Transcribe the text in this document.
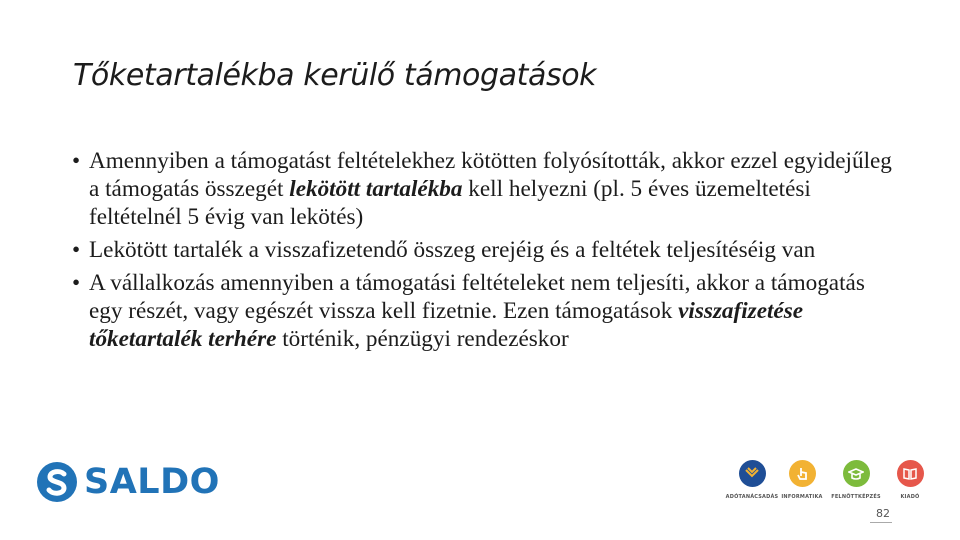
Tőketartalékba kerülő támogatások
• Amennyiben a támogatást feltételekhez kötötten folyósították, akkor ezzel egyidejűleg a támogatás összegét lekötött tartalékba kell helyezni (pl. 5 éves üzemeltetési feltételnél 5 évig van lekötés)
• Lekötött tartalék a visszafizetendő összeg erejéig és a feltétek teljesítéséig van
• A vállalkozás amennyiben a támogatási feltételeket nem teljesíti, akkor a támogatás egy részét, vagy egészét vissza kell fizetnie. Ezen támogatások visszafizetése tőketartalék terhére történik, pénzügyi rendezéskor
SALDO	ADÓTANÁCSADÁS INFORMATIKA	FELNŐTTKÉPZÉS	KIADÓ
82
